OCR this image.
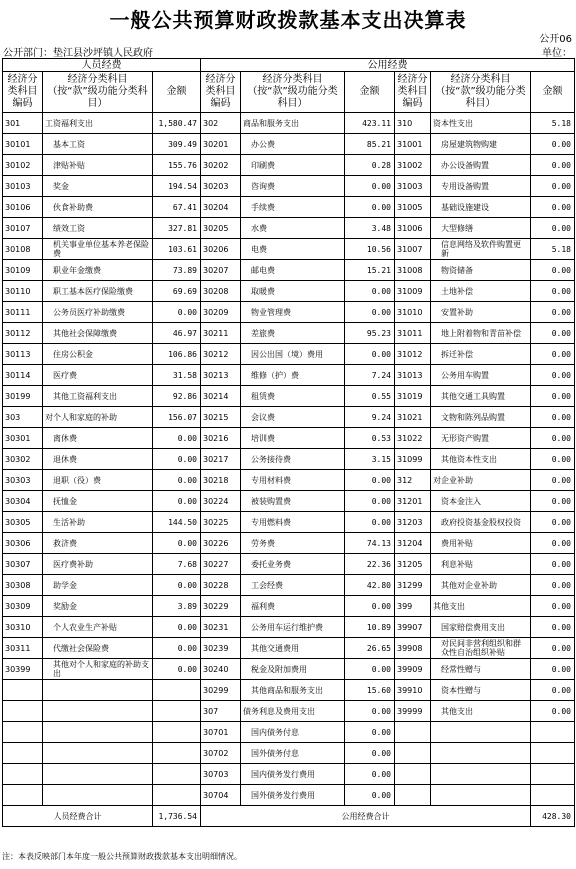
一般公共预算财政拨款基本支出决算表
公开06
公开部门：垫江县沙坪镇人民政府	单位：
人员经费			公用经费					
经济分类科目编码	经济分类科目（按“款”级功能分类科目）	金额	经济分类科目编码	经济分类科目（按“款”级功能分类科目）	金额	经济分类科目编码	经济分类科目（按“款”级功能分类科目）	金额
301	工资福利支出	1,580.47	302	商品和服务支出	423.11	310	资本性支出	5.18
30101	基本工资	309.49	30201	办公费	85.21	31001	房屋建筑物购建	0.00
30102	津贴补贴	155.76	30202	印刷费	0.28	31002	办公设备购置	0.00
30103	奖金	194.54	30203	咨询费	0.00	31003	专用设备购置	0.00
30106	伙食补助费	67.41	30204	手续费	0.00	31005	基础设施建设	0.00
30107	绩效工资	327.81	30205	水费	3.48	31006	大型修缮	0.00
30108	机关事业单位基本养老保险费	103.61	30206	电费	10.56	31007	信息网络及软件购置更新	5.18
30109	职业年金缴费	73.89	30207	邮电费	15.21	31008	物资储备	0.00
30110	职工基本医疗保险缴费	69.69	30208	取暖费	0.00	31009	土地补偿	0.00
30111	公务员医疗补助缴费	0.00	30209	物业管理费	0.00	31010	安置补助	0.00
30112	其他社会保障缴费	46.97	30211	差旅费	95.23	31011	地上附着物和青苗补偿	0.00
30113	住房公积金	106.86	30212	因公出国（境）费用	0.00	31012	拆迁补偿	0.00
30114	医疗费	31.58	30213	维修（护）费	7.24	31013	公务用车购置	0.00
30199	其他工资福利支出	92.86	30214	租赁费	0.55	31019	其他交通工具购置	0.00
303	对个人和家庭的补助	156.07	30215	会议费	9.24	31021	文物和陈列品购置	0.00
30301	离休费	0.00	30216	培训费	0.53	31022	无形资产购置	0.00
30302	退休费	0.00	30217	公务接待费	3.15	31099	其他资本性支出	0.00
30303	退职（役）费	0.00	30218	专用材料费	0.00	312	对企业补助	0.00
30304	抚恤金	0.00	30224	被装购置费	0.00	31201	资本金注入	0.00
30305	生活补助	144.50	30225	专用燃料费	0.00	31203	政府投资基金股权投资	0.00
30306	救济费	0.00	30226	劳务费	74.13	31204	费用补贴	0.00
30307	医疗费补助	7.68	30227	委托业务费	22.36	31205	利息补贴	0.00
30308	助学金	0.00	30228	工会经费	42.80	31299	其他对企业补助	0.00
30309	奖励金	3.89	30229	福利费	0.00	399	其他支出	0.00
30310	个人农业生产补贴	0.00	30231	公务用车运行维护费	10.89	39907	国家赔偿费用支出	0.00
30311	代缴社会保险费	0.00	30239	其他交通费用	26.65	39908	对民间非营利组织和群众性自治组织补贴	0.00
30399	其他对个人和家庭的补助支出	0.00	30240	税金及附加费用	0.00	39909	经常性赠与	0.00
			30299	其他商品和服务支出	15.60	39910	资本性赠与	0.00
			307	债务利息及费用支出	0.00	39999	其他支出	0.00
			30701	国内债务付息	0.00			
			30702	国外债务付息	0.00			
			30703	国内债务发行费用	0.00			
			30704	国外债务发行费用	0.00			
人员经费合计		1,736.54	公用经费合计					428.30
注：本表反映部门本年度一般公共预算财政拨款基本支出明细情况。
